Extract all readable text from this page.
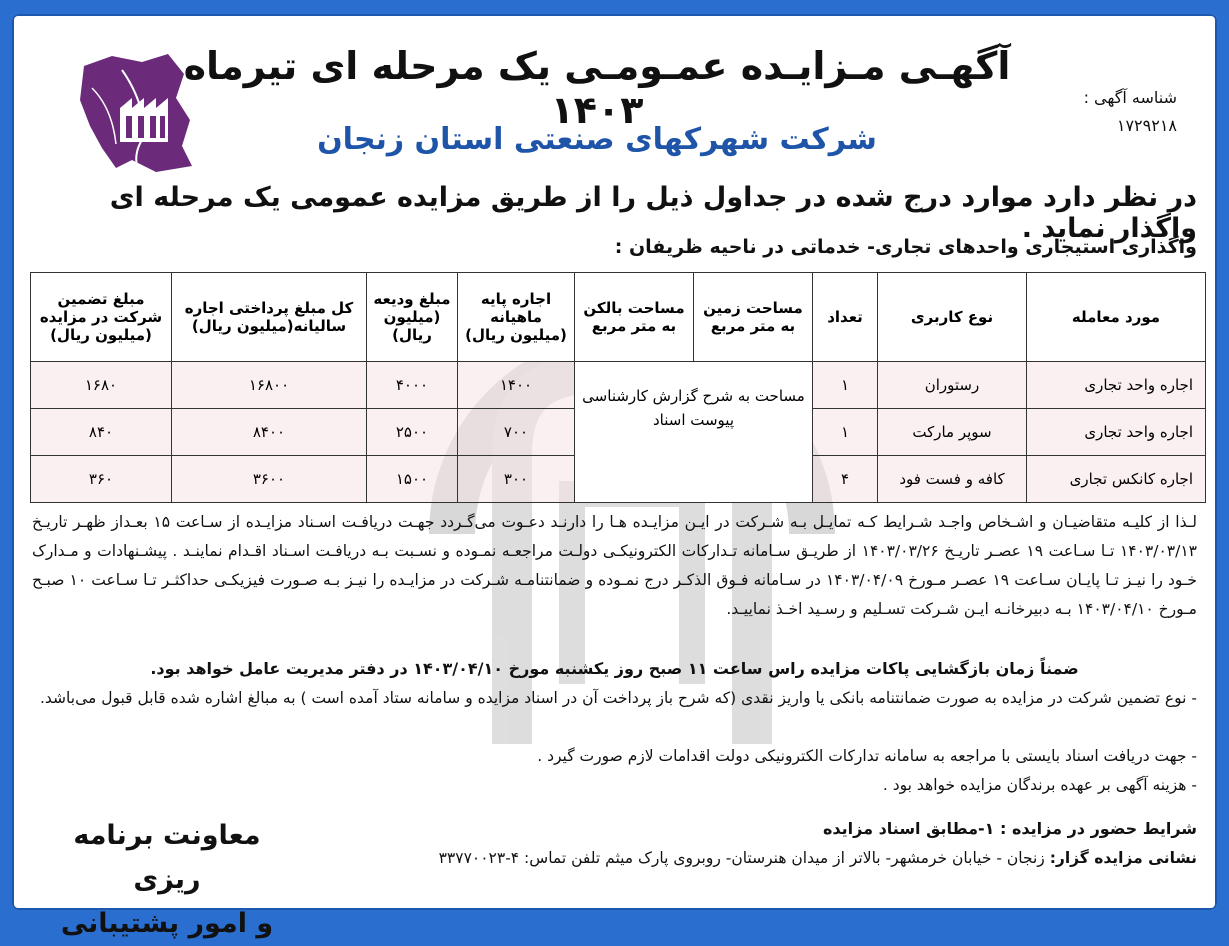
آگهـی مـزایـده عمـومـی یک مرحله ای تیرماه ۱۴۰۳
شرکت شهرکهای صنعتی استان زنجان
شناسه آگهی :
۱۷۲۹۲۱۸
در نظر دارد موارد درج شده در جداول ذیل را از طریق مزایده عمومی یک مرحله ای واگذار نماید .
واگذاری استیجاری واحدهای تجاری- خدماتی در ناحیه ظریفان :
مورد معامله	نوع کاربری	تعداد	مساحت زمین به متر مربع	مساحت بالکن به متر مربع	اجاره پایه ماهیانه (میلیون ریال)	مبلغ ودیعه (میلیون ریال)	کل مبلغ پرداختی اجاره سالیانه(میلیون ریال)	مبلغ تضمین شرکت در مزایده (میلیون ریال)
اجاره واحد تجاری	رستوران	۱	مساحت به شرح گزارش کارشناسی پیوست اسناد		۱۴۰۰	۴۰۰۰	۱۶۸۰۰	۱۶۸۰
اجاره واحد تجاری	سوپر مارکت	۱			۷۰۰	۲۵۰۰	۸۴۰۰	۸۴۰
اجاره کانکس تجاری	کافه و فست فود	۴			۳۰۰	۱۵۰۰	۳۶۰۰	۳۶۰
لـذا از کلیـه متقاضیـان و اشـخاص واجـد شـرایط کـه تمایـل بـه شـرکت در ایـن مزایـده هـا را دارنـد دعـوت می‌گـردد جهـت دریافـت اسـناد مزایـده از سـاعت ۱۵ بعـداز ظهـر تاریـخ ۱۴۰۳/۰۳/۱۳ تـا سـاعت ۱۹ عصـر تاریـخ ۱۴۰۳/۰۳/۲۶ از طریـق سـامانه تـدارکات الکترونیکـی دولـت مراجعـه نمـوده و نسـبت بـه دریافـت اسـناد اقـدام نماینـد . پیشـنهادات و مـدارک خـود را نیـز تـا پایـان سـاعت ۱۹ عصـر مـورخ ۱۴۰۳/۰۴/۰۹ در سـامانه فـوق الذکـر درج نمـوده و ضمانتنامـه شـرکت در مزایـده را نیـز بـه صـورت فیزیکـی حداکثـر تـا سـاعت ۱۰ صبـح مـورخ ۱۴۰۳/۰۴/۱۰ بـه دبیرخانـه ایـن شـرکت تسـلیم و رسـید اخـذ نماییـد.
ضمناً زمان بازگشایی پاکات مزایده راس ساعت ۱۱ صبح روز یکشنبه مورخ ۱۴۰۳/۰۴/۱۰ در دفتر مدیریت عامل خواهد بود.
- نوع تضمین شرکت در مزایده به صورت ضمانتنامه بانکی یا واریز نقدی (که شرح باز پرداخت آن در اسناد مزایده و سامانه ستاد آمده است ) به مبالغ اشاره شده قابل قبول می‌باشد.
- جهت دریافت اسناد بایستی با مراجعه به سامانه تدارکات الکترونیکی دولت اقدامات لازم صورت گیرد .
- هزینه آگهی بر عهده برندگان مزایده خواهد بود .
شرایط حضور در مزایده : ۱-مطابق اسناد مزایده
نشانی مزایده گزار: زنجان - خیابان خرمشهر- بالاتر از میدان هنرستان- روبروی پارک میثم تلفن تماس: ۴-۳۳۷۷۰۰۲۳
معاونت برنامه ریزی
و امور پشتیبانی
